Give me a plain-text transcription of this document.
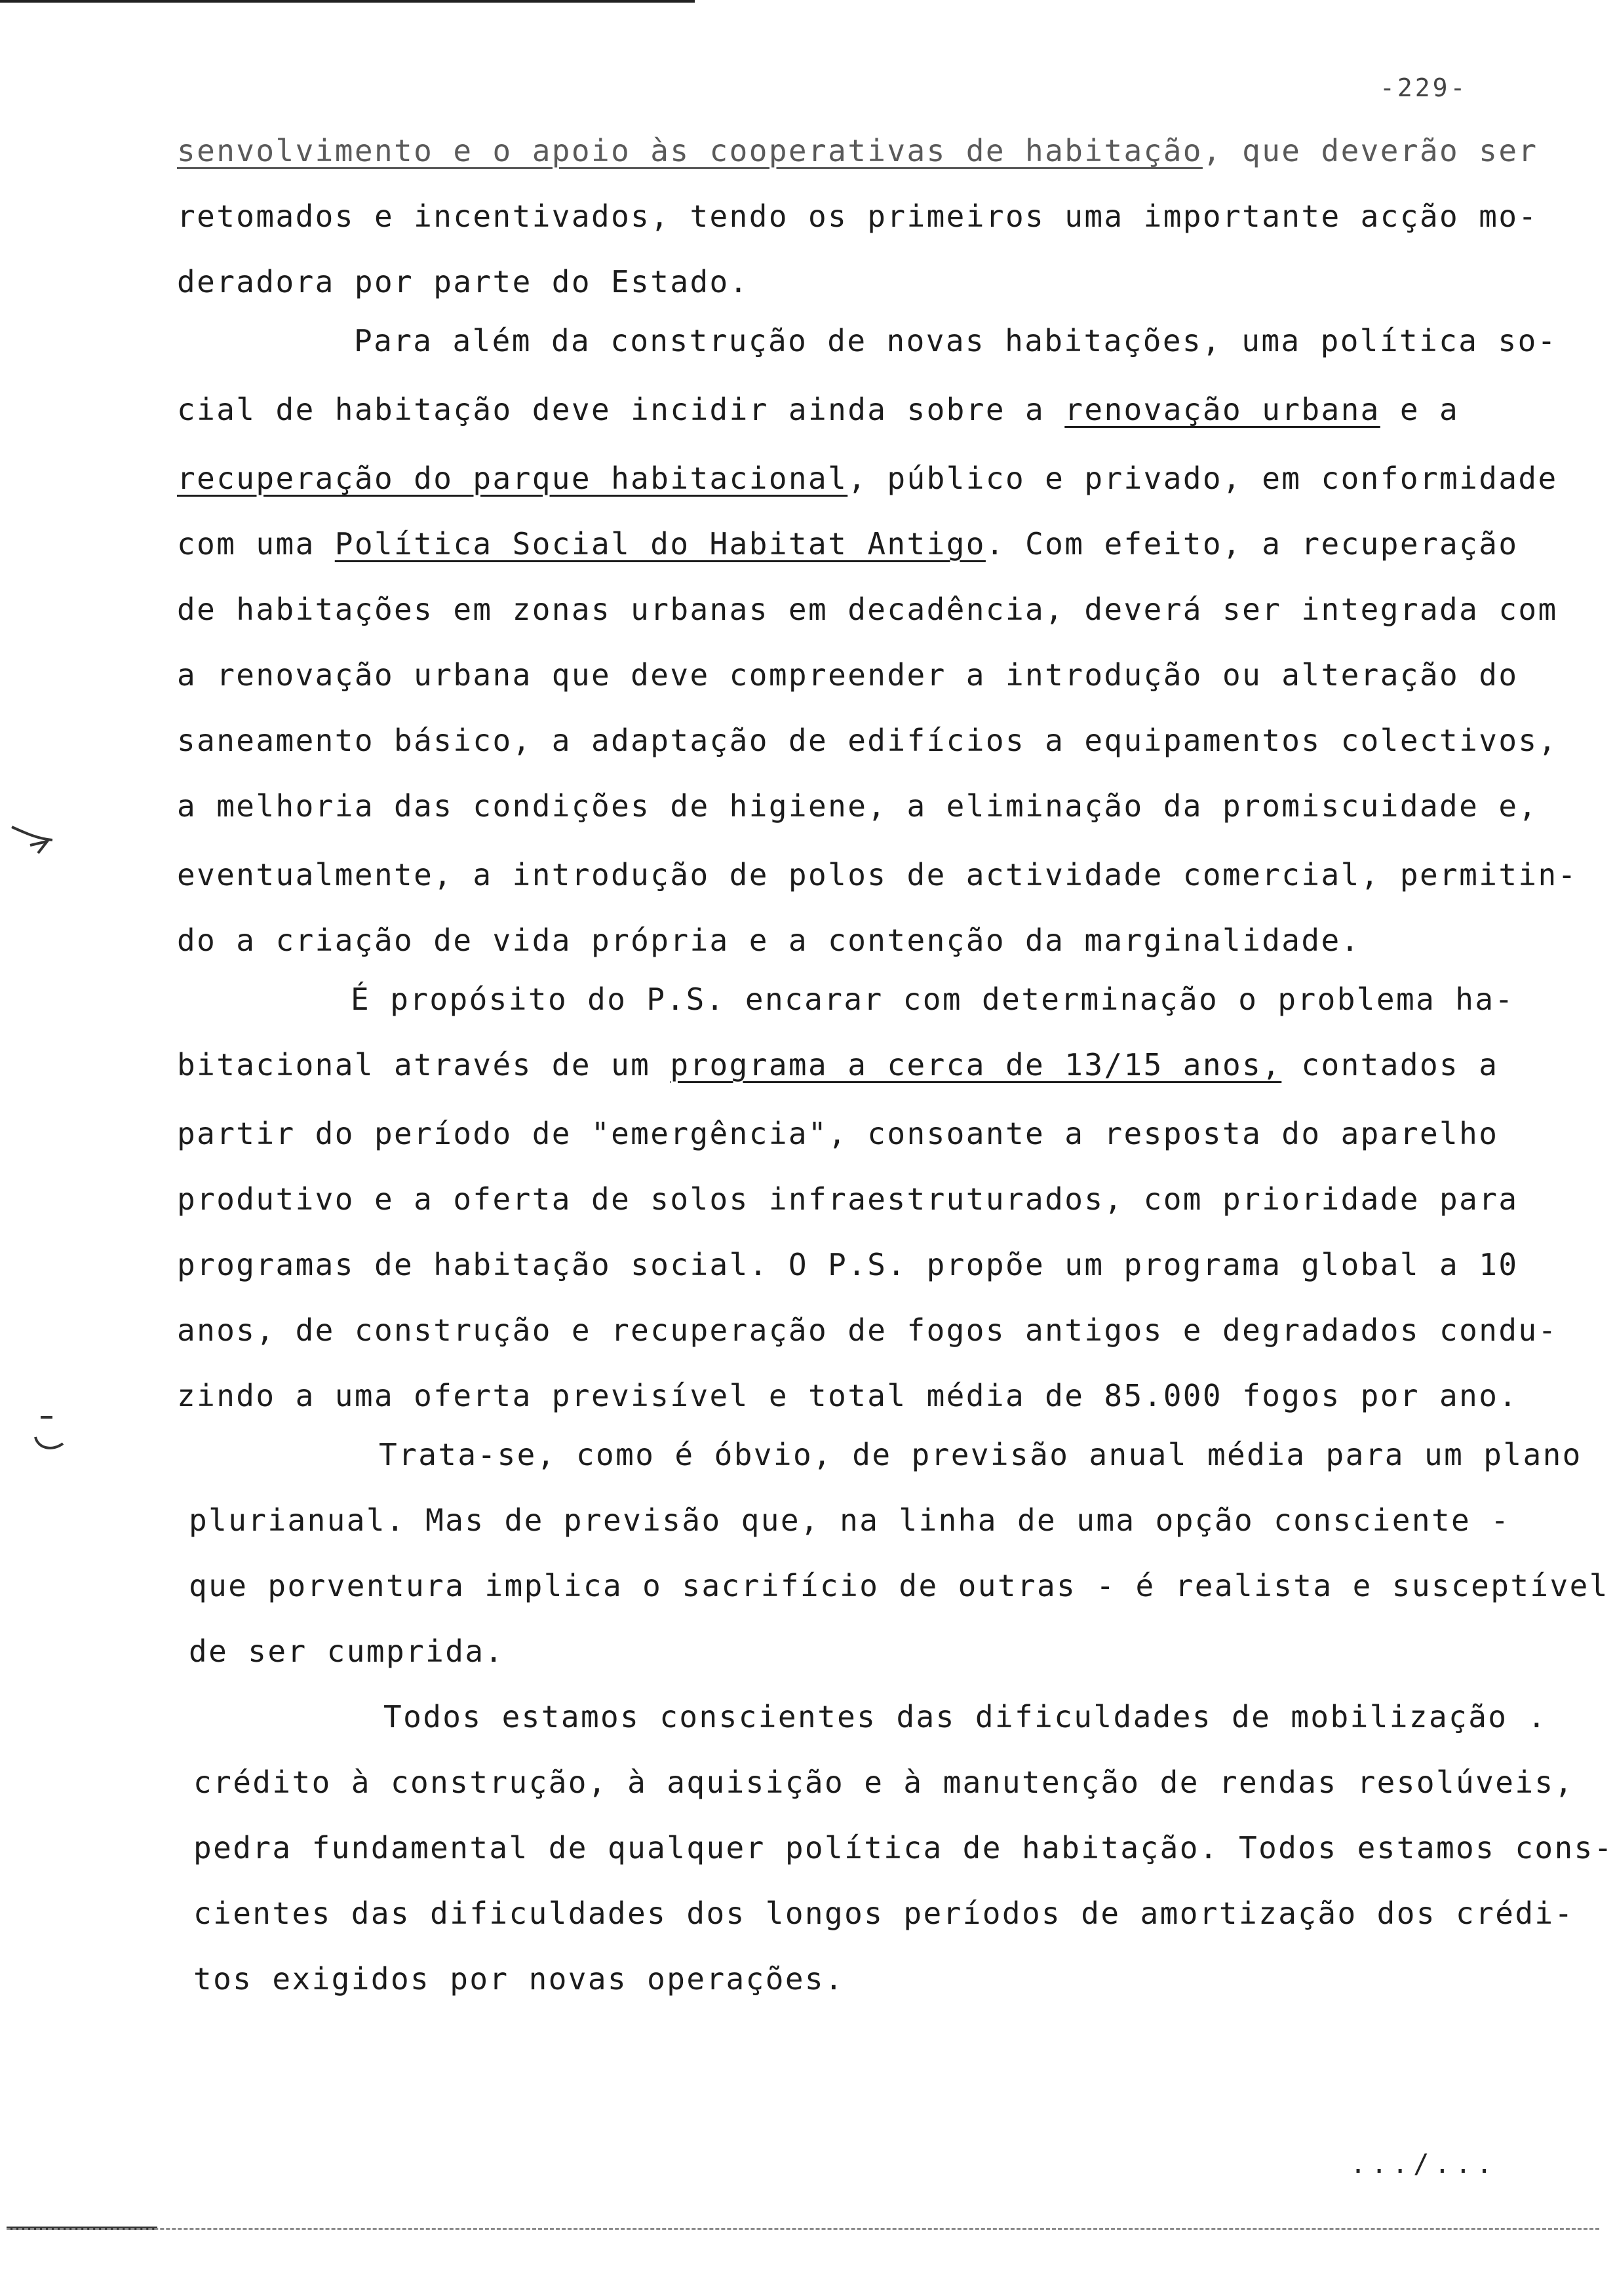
-229-
senvolvimento e o apoio às cooperativas de habitação, que deverão ser
retomados e incentivados, tendo os primeiros uma importante acção mo-
deradora por parte do Estado.
Para além da construção de novas habitações, uma política so-
cial de habitação deve incidir ainda sobre a renovação urbana e a
recuperação do parque habitacional, público e privado, em conformidade
com uma Política Social do Habitat Antigo. Com efeito, a recuperação
de habitações em zonas urbanas em decadência, deverá ser integrada com
a renovação urbana que deve compreender a introdução ou alteração do
saneamento básico, a adaptação de edifícios a equipamentos colectivos,
a melhoria das condições de higiene, a eliminação da promiscuidade e,
eventualmente, a introdução de polos de actividade comercial, permitin-
do a criação de vida própria e a contenção da marginalidade.
É propósito do P.S. encarar com determinação o problema ha-
bitacional através de um programa a cerca de 13/15 anos, contados a
partir do período de "emergência", consoante a resposta do aparelho
produtivo e a oferta de solos infraestruturados, com prioridade para
programas de habitação social. O P.S. propõe um programa global a 10
anos, de construção e recuperação de fogos antigos e degradados condu-
zindo a uma oferta previsível e total média de 85.000 fogos por ano.
Trata-se, como é óbvio, de previsão anual média para um plano
plurianual. Mas de previsão que, na linha de uma opção consciente -
que porventura implica o sacrifício de outras - é realista e susceptível
de ser cumprida.
Todos estamos conscientes das dificuldades de mobilização .
crédito à construção, à aquisição e à manutenção de rendas resolúveis,
pedra fundamental de qualquer política de habitação. Todos estamos cons-
cientes das dificuldades dos longos períodos de amortização dos crédi-
tos exigidos por novas operações.
.../...
